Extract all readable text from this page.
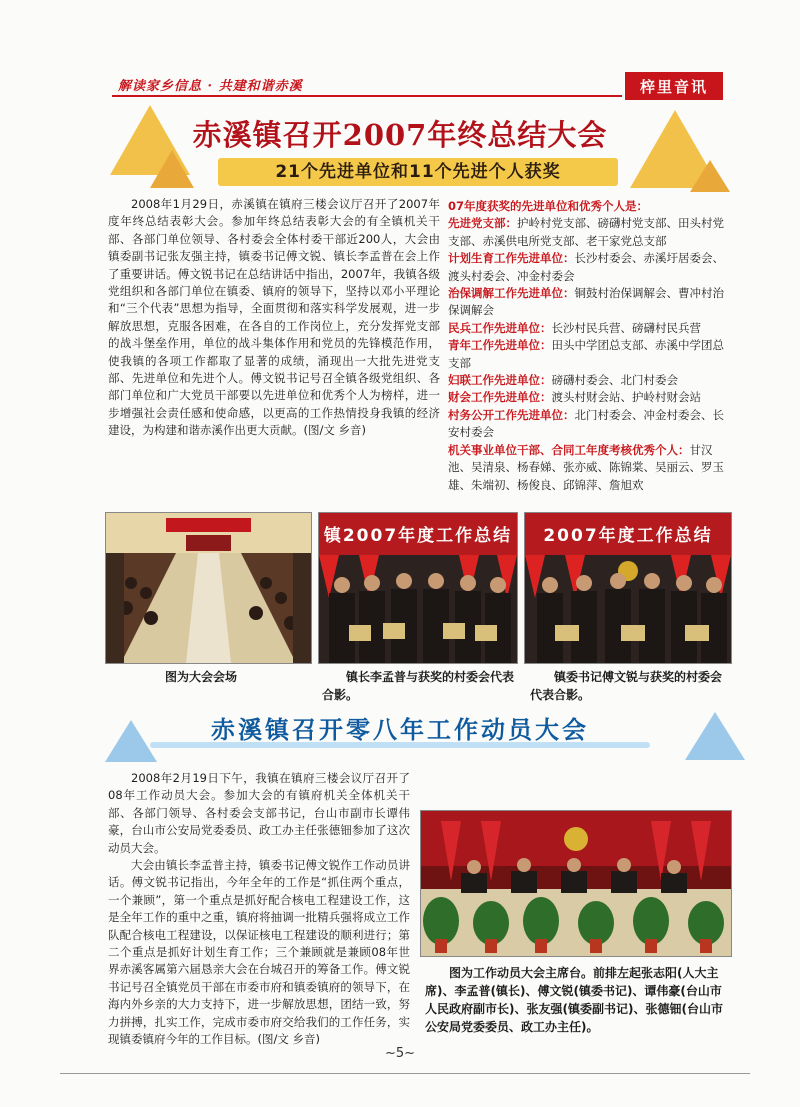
解读家乡信息 · 共建和谐赤溪	梓里音讯
赤溪镇召开2007年终总结大会
21个先进单位和11个先进个人获奖

2008年1月29日，赤溪镇在镇府三楼会议厅召开了2007年度年终总结表彰大会。参加年终总结表彰大会的有全镇机关干部、各部门单位领导、各村委会全体村委干部近200人，大会由镇委副书记张友强主持，镇委书记傅文锐、镇长李孟普在会上作了重要讲话。傅文锐书记在总结讲话中指出，2007年，我镇各级党组织和各部门单位在镇委、镇府的领导下，坚持以邓小平理论和“三个代表”思想为指导，全面贯彻和落实科学发展观，进一步解放思想，克服各困难，在各自的工作岗位上，充分发挥党支部的战斗堡垒作用，单位的战斗集体作用和党员的先锋模范作用，使我镇的各项工作都取了显著的成绩，涌现出一大批先进党支部、先进单位和先进个人。傅文锐书记号召全镇各级党组织、各部门单位和广大党员干部要以先进单位和优秀个人为榜样，进一步增强社会责任感和使命感，以更高的工作热情投身我镇的经济建设，为构建和谐赤溪作出更大贡献。(图/文 乡音)

07年度获奖的先进单位和优秀个人是：
先进党支部：护岭村党支部、磅礴村党支部、田头村党支部、赤溪供电所党支部、老干家党总支部
计划生育工作先进单位：长沙村委会、赤溪圩居委会、渡头村委会、冲金村委会
治保调解工作先进单位：铜鼓村治保调解会、曹冲村治保调解会
民兵工作先进单位：长沙村民兵营、磅礴村民兵营
青年工作先进单位：田头中学团总支部、赤溪中学团总支部
妇联工作先进单位：磅礴村委会、北门村委会
财会工作先进单位：渡头村财会站、护岭村财会站
村务公开工作先进单位：北门村委会、冲金村委会、长安村委会
机关事业单位干部、合同工年度考核优秀个人：甘汉池、吴清泉、杨春娣、张亦威、陈锦棠、吴丽云、罗玉雄、朱端初、杨俊良、邱锦萍、詹旭欢
镇2007年度工作总结	2007年度工作总结
图为大会会场	镇长李孟普与获奖的村委会代表合影。
镇委书记傅文锐与获奖的村委会代表合影。
赤溪镇召开零八年工作动员大会

2008年2月19日下午，我镇在镇府三楼会议厅召开了08年工作动员大会。参加大会的有镇府机关全体机关干部、各部门领导、各村委会支部书记，台山市副市长谭伟豪，台山市公安局党委委员、政工办主任张德钿参加了这次动员大会。

大会由镇长李孟普主持，镇委书记傅文锐作工作动员讲话。傅文锐书记指出，今年全年的工作是“抓住两个重点，一个兼顾”，第一个重点是抓好配合核电工程建设工作，这是全年工作的重中之重，镇府将抽调一批精兵强将成立工作队配合核电工程建设，以保证核电工程建设的顺利进行；第二个重点是抓好计划生育工作；三个兼顾就是兼顾08年世界赤溪客属第六届恳亲大会在台城召开的筹备工作。傅文锐书记号召全镇党员干部在市委市府和镇委镇府的领导下，在海内外乡亲的大力支持下，进一步解放思想，团结一致，努力拼搏，扎实工作，完成市委市府交给我们的工作任务，实现镇委镇府今年的工作目标。(图/文 乡音)

图为工作动员大会主席台。前排左起张志阳(人大主席)、李孟普(镇长)、傅文锐(镇委书记)、谭伟豪(台山市人民政府副市长)、张友强(镇委副书记)、张德钿(台山市公安局党委委员、政工办主任)。
~5~
